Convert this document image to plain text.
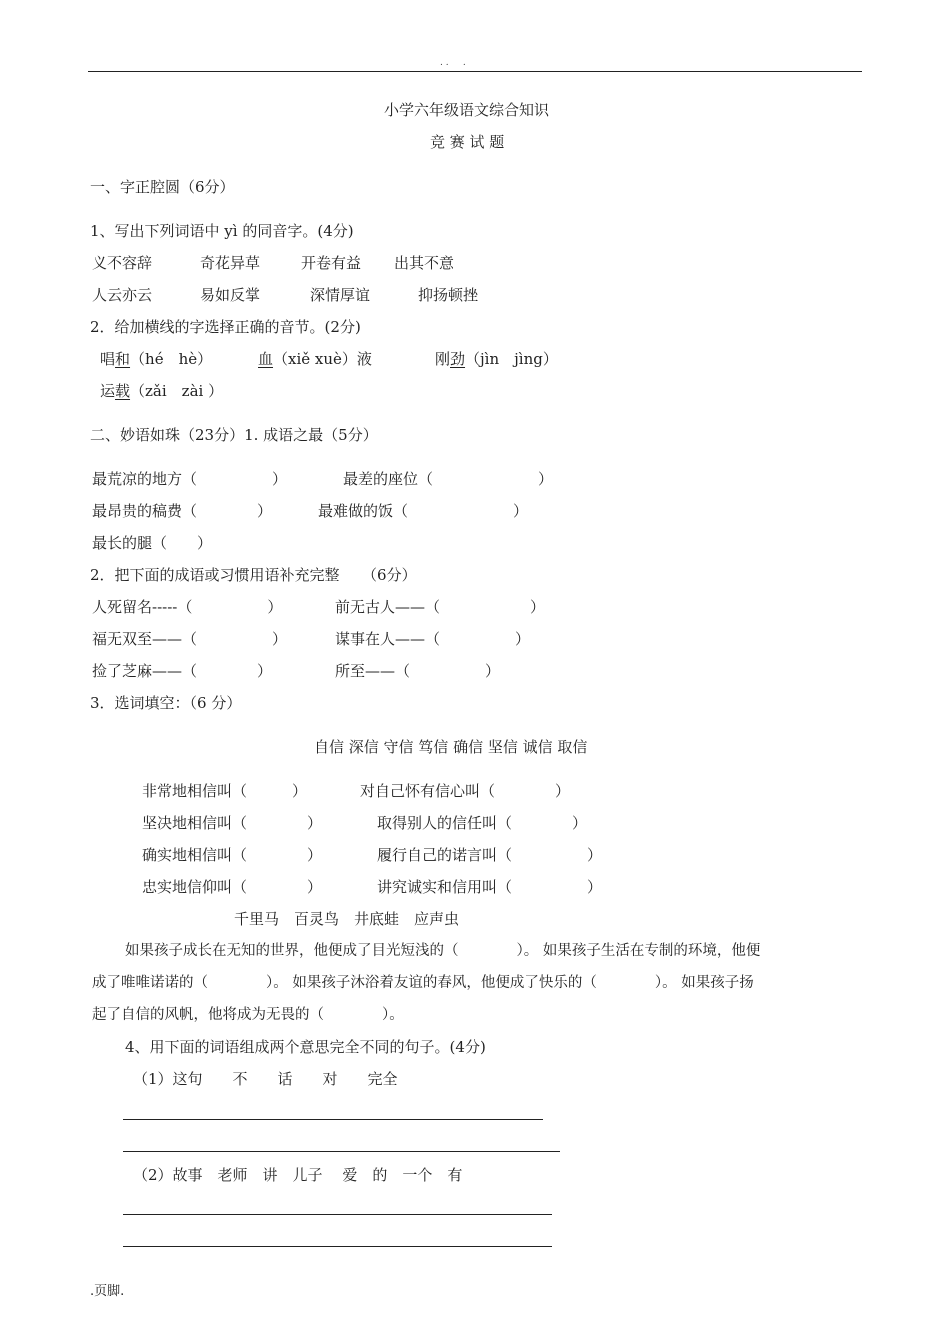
. .     .
小学六年级语文综合知识
竞 赛 试 题
一、字正腔圆（6分）
1、写出下列词语中 yì 的同音字。(4分)
义不容辞	奇花异草	开卷有益 出其不意
人云亦云	易如反掌	深情厚谊	抑扬顿挫
2．给加横线的字选择正确的音节。(2分)
唱和（hé　hè）	血（xiě xuè）液	刚劲（jìn　jìng）
运载（zǎi　zài ）
二、妙语如珠（23分）1. 成语之最（5分）
最荒凉的地方（　　　　　）	最差的座位（　　　　　　　）
最昂贵的稿费（　　　　）	最难做的饭（　　　　　　　）
最长的腿（　　）
2．把下面的成语或习惯用语补充完整　　（6分）
人死留名-----（　　　　　）	前无古人——（　　　　　　）
福无双至——（　　　　　）	谋事在人——（　　　　　）
捡了芝麻——（　　　　）	所至——（　　　　　）
3．选词填空：（6 分）
自信 深信 守信 笃信 确信 坚信 诚信 取信
非常地相信叫（　　　）	对自己怀有信心叫（　　　　）
坚决地相信叫（　　　　）	取得别人的信任叫（　　　　）
确实地相信叫（　　　　）	履行自己的诺言叫（　　　　　）
忠实地信仰叫（　　　　）	讲究诚实和信用叫（　　　　　）
千里马　百灵鸟　井底蛙　应声虫
如果孩子成长在无知的世界，他便成了目光短浅的（　　　　）。 如果孩子生活在专制的环境，他便
成了唯唯诺诺的（　　　　）。 如果孩子沐浴着友谊的春风，他便成了快乐的（　　　　）。 如果孩子扬
起了自信的风帆，他将成为无畏的（　　　　）。
4、用下面的词语组成两个意思完全不同的句子。(4分)
（1）这句　　不　　话　　对　　完全
（2）故事　老师　讲　儿子　 爱　的　一个　有
.页脚.
